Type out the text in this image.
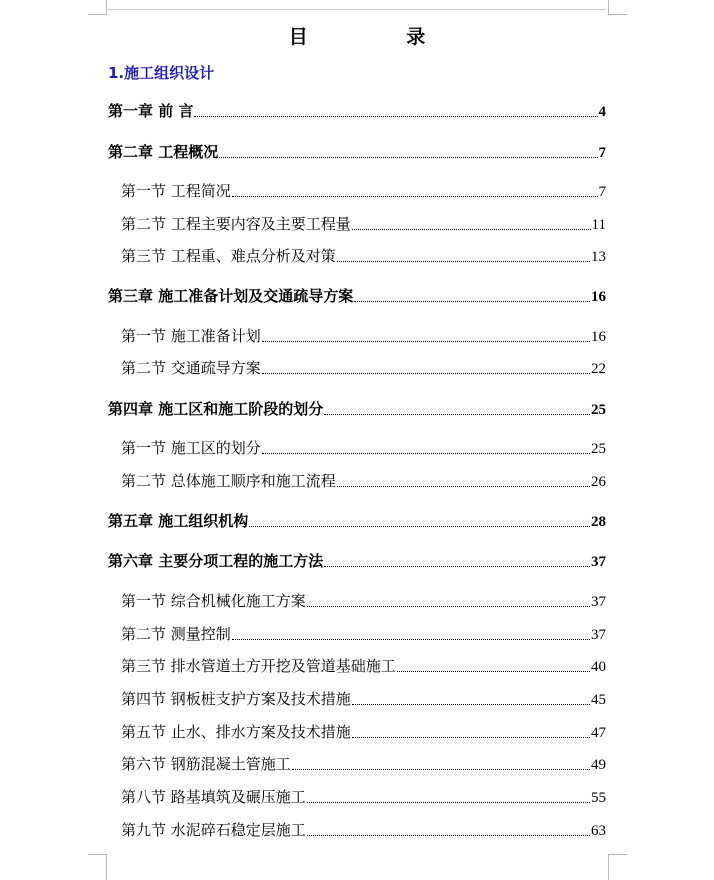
目 录
1.施工组织设计
第一章 前 言	4
第二章 工程概况	7
第一节 工程简况	7
第二节 工程主要内容及主要工程量	11
第三节 工程重、难点分析及对策	13
第三章 施工准备计划及交通疏导方案	16
第一节 施工准备计划	16
第二节 交通疏导方案	22
第四章 施工区和施工阶段的划分	25
第一节 施工区的划分	25
第二节 总体施工顺序和施工流程	26
第五章 施工组织机构	28
第六章 主要分项工程的施工方法	37
第一节 综合机械化施工方案	37
第二节 测量控制	37
第三节 排水管道土方开挖及管道基础施工	40
第四节 钢板桩支护方案及技术措施	45
第五节 止水、排水方案及技术措施	47
第六节 钢筋混凝土管施工	49
第八节 路基填筑及碾压施工	55
第九节 水泥碎石稳定层施工	63
